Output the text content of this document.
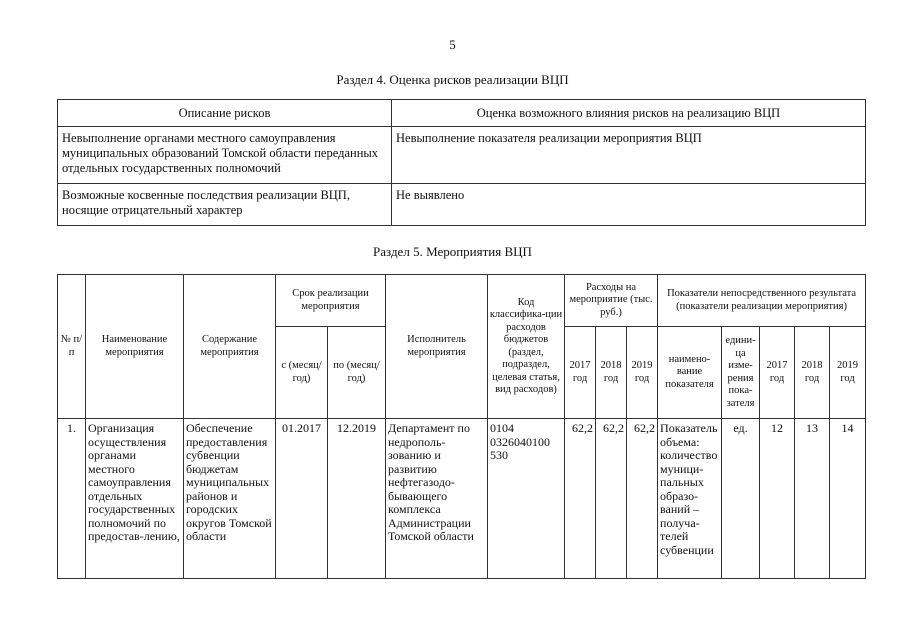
5
Раздел 4. Оценка рисков реализации ВЦП
Описание рисков	Оценка возможного влияния рисков на реализацию ВЦП
Невыполнение органами местного самоуправления муниципальных образований Томской области переданных отдельных государственных полномочий	Невыполнение показателя реализации мероприятия ВЦП
Возможные косвенные последствия реализации ВЦП, носящие отрицательный характер	Не выявлено
Раздел 5. Мероприятия ВЦП
№ п/п	Наименование мероприятия	Содержание мероприятия	Срок реализации мероприятия		Исполнитель мероприятия	Код классифика-ции расходов бюджетов (раздел, подраздел, целевая статья, вид расходов)	Расходы на мероприятие (тыс. руб.)			Показатели непосредственного результата (показатели реализации мероприятия)				
			с (месяц/ год)	по (месяц/ год)			2017 год	2018 год	2019 год	наимено-вание показателя	едини-ца изме-рения пока-зателя	2017 год	2018 год	2019 год
1.	Организация осуществления органами местного самоуправления отдельных государственных полномочий по предостав-лению,	Обеспечение предоставления субвенции бюджетам муниципальных районов и городских округов Томской области	01.2017	12.2019	Департамент по недрополь-зованию и развитию нефтегазодо-бывающего комплекса Администрации Томской области	0104 0326040100 530	62,2	62,2	62,2	Показатель объема: количество муници-пальных образо-ваний – получа-телей субвенции	ед.	12	13	14
